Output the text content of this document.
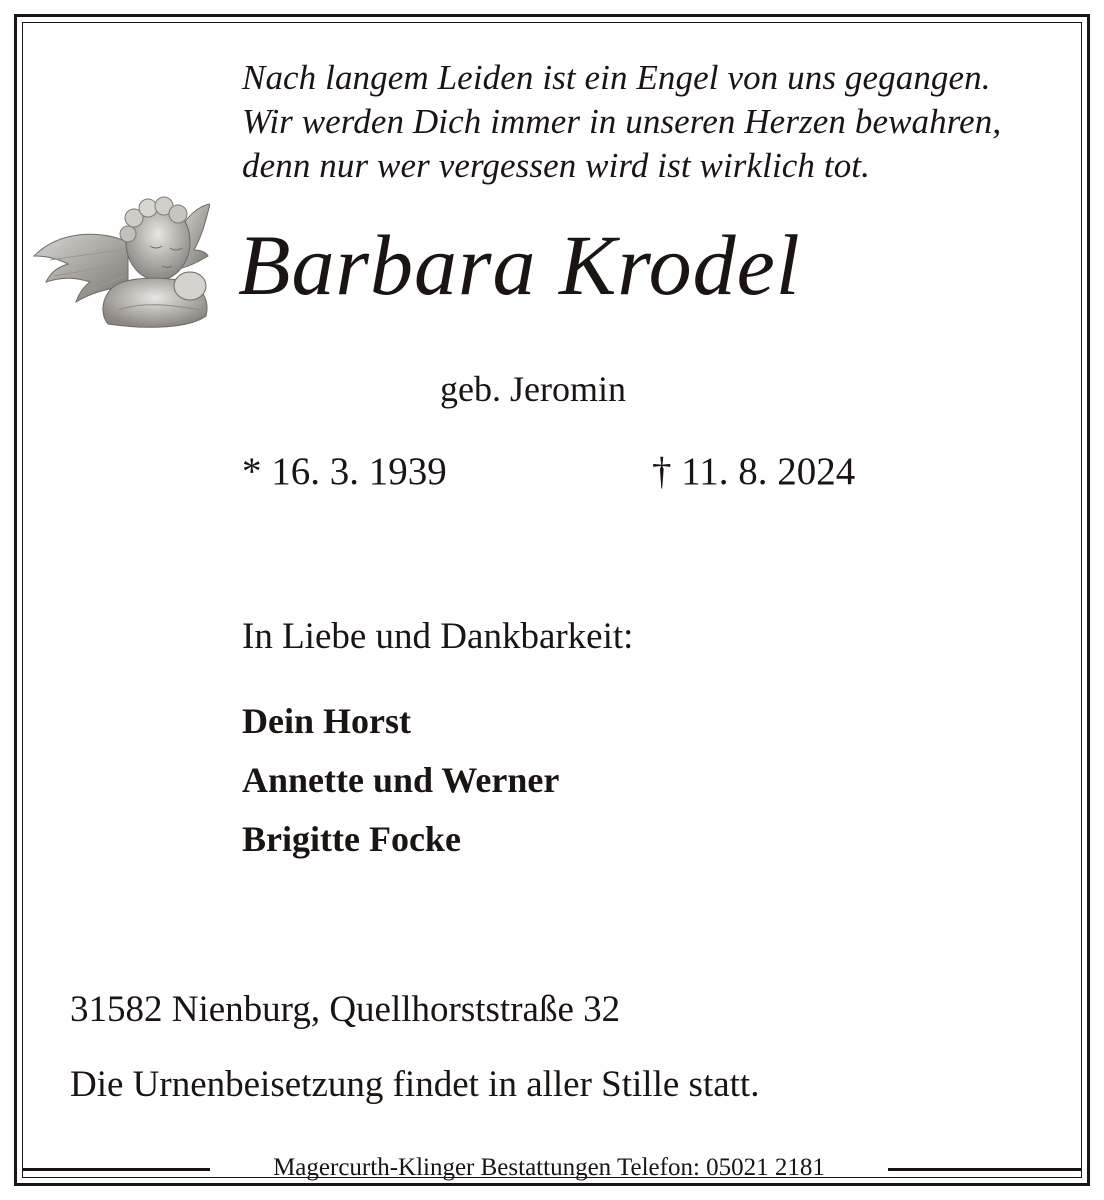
Nach langem Leiden ist ein Engel von uns gegangen.
Wir werden Dich immer in unseren Herzen bewahren,
denn nur wer vergessen wird ist wirklich tot.
Barbara Krodel
geb. Jeromin
* 16. 3. 1939	† 11. 8. 2024
In Liebe und Dankbarkeit:
Dein Horst
Annette und Werner
Brigitte Focke
31582 Nienburg, Quellhorststraße 32
Die Urnenbeisetzung findet in aller Stille statt.
Magercurth-Klinger Bestattungen Telefon: 05021 2181
